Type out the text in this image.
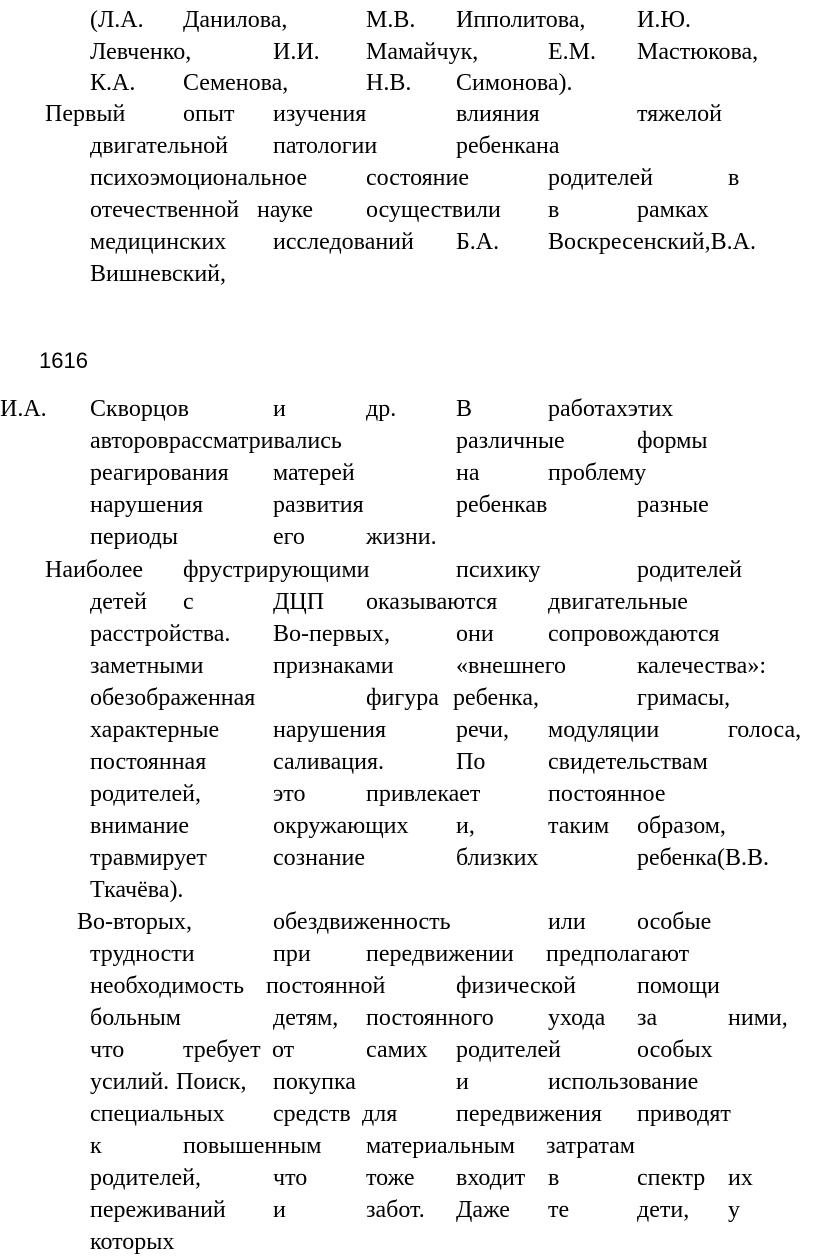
1616
(Л.А. Данилова,	М.В. Ипполитова, И.Ю.
Левченко,	И.И. Мамайчук,	Е.М. Мастюкова,
К.А. Семенова,	Н.В. Симонова).
Первый опыт изучения	влияния	тяжелой
двигательной патологии	ребенкана
психоэмоциональное состояние	родителей	в
отечественной науке осуществили в	рамках
медицинских исследований Б.А. Воскресенский,В.А.
Вишневский,
И.А. Скворцов	и	др. В	работахэтих
автороврассматривались	различные	формы
реагирования матерей	на	проблему
нарушения	развития	ребенкав	разные
периоды	его	жизни.
Наиболее фрустрирующими	психику	родителей
детей с	ДЦП оказываются двигательные
расстройства. Во-первых,	они сопровождаются
заметными	признаками	«внешнего	калечества»:
обезображенная	фигура ребенка,	гримасы,
характерные нарушения	речи, модуляции	голоса,
постоянная	саливация.	По	свидетельствам
родителей,	это	привлекает	постоянное
внимание	окружающих и,	таким образом,
травмирует	сознание	близких	ребенка(В.В.
Ткачёва).
Во-вторых,	обездвиженность	или особые
трудности	при передвижении предполагают
необходимость постоянной	физической	помощи
больным	детям, постоянного ухода за	ними,
что требует от	самих родителей	особых
усилий. Поиск, покупка	и	использование
специальных средств для передвижения приводят
к	повышенным материальным затратам
родителей,	что тоже входит в	спектр их
переживаний и	забот. Даже те	дети, у
которых
